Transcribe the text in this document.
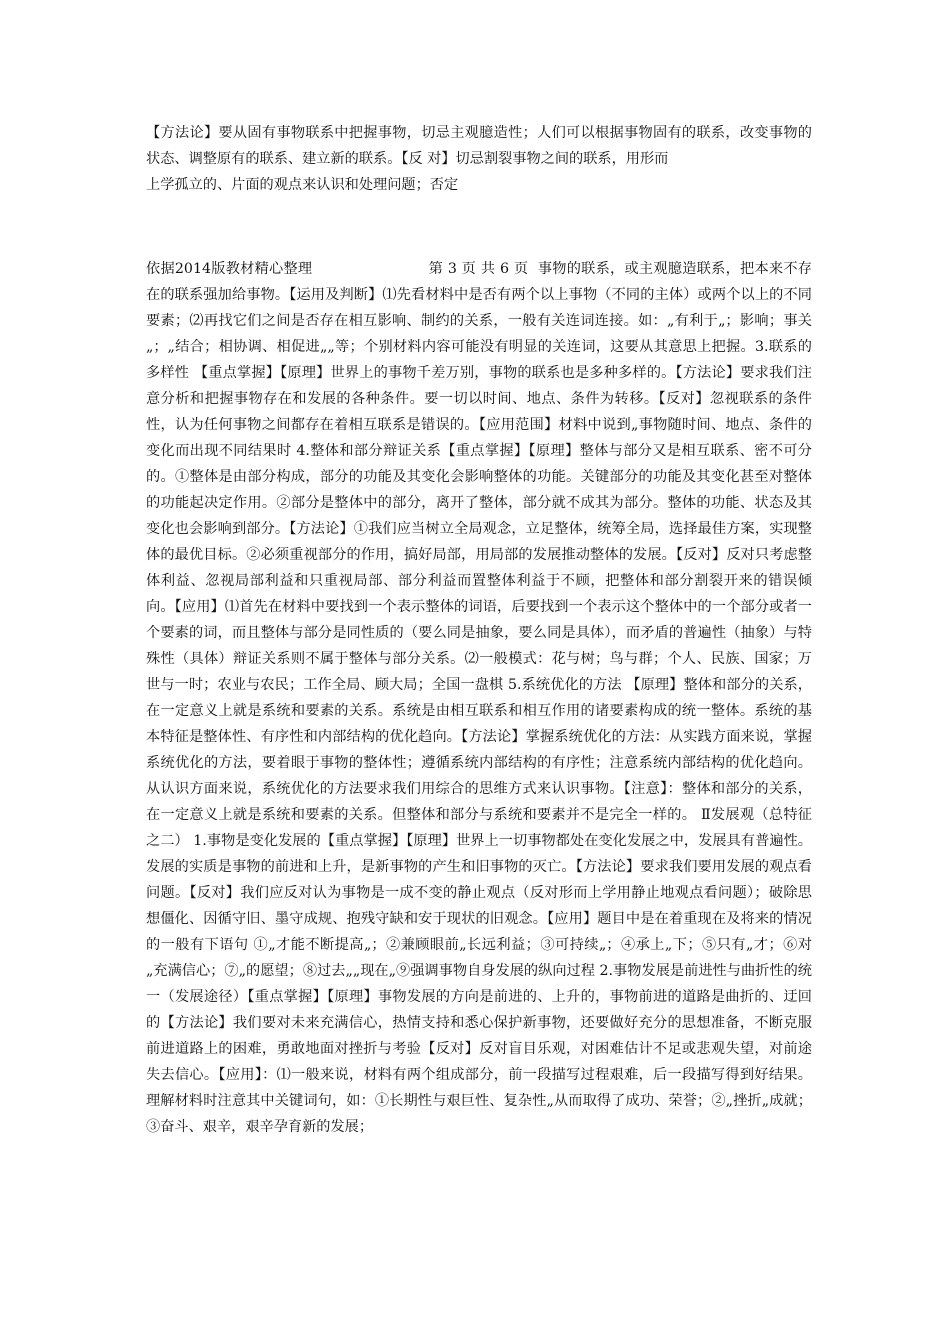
【方法论】要从固有事物联系中把握事物，切忌主观臆造性；人们可以根据事物固有的联系，改变事物的状态、调整原有的联系、建立新的联系。【反 对】切忌割裂事物之间的联系，用形而
上学孤立的、片面的观点来认识和处理问题；否定

依据2014版教材精心整理	第 3 页 共 6 页 事物的联系，或主观臆造联系，把本来不存在的联系强加给事物。【运用及判断】⑴先看材料中是否有两个以上事物（不同的主体）或两个以上的不同要素；⑵再找它们之间是否存在相互影响、制约的关系，一般有关连词连接。如：„有利于„；影响；事关„；„结合；相协调、相促进„„等；个别材料内容可能没有明显的关连词，这要从其意思上把握。3.联系的多样性 【重点掌握】【原理】世界上的事物千差万别，事物的联系也是多种多样的。【方法论】要求我们注意分析和把握事物存在和发展的各种条件。要一切以时间、地点、条件为转移。【反对】忽视联系的条件性，认为任何事物之间都存在着相互联系是错误的。【应用范围】材料中说到„事物随时间、地点、条件的变化而出现不同结果时 4.整体和部分辩证关系【重点掌握】【原理】整体与部分又是相互联系、密不可分的。①整体是由部分构成，部分的功能及其变化会影响整体的功能。关键部分的功能及其变化甚至对整体的功能起决定作用。②部分是整体中的部分，离开了整体，部分就不成其为部分。整体的功能、状态及其变化也会影响到部分。【方法论】①我们应当树立全局观念，立足整体，统筹全局，选择最佳方案，实现整体的最优目标。②必须重视部分的作用，搞好局部，用局部的发展推动整体的发展。【反对】反对只考虑整体利益、忽视局部利益和只重视局部、部分利益而置整体利益于不顾，把整体和部分割裂开来的错误倾向。【应用】⑴首先在材料中要找到一个表示整体的词语，后要找到一个表示这个整体中的一个部分或者一个要素的词，而且整体与部分是同性质的（要么同是抽象，要么同是具体），而矛盾的普遍性（抽象）与特殊性（具体）辩证关系则不属于整体与部分关系。⑵一般模式：花与树；鸟与群；个人、民族、国家；万世与一时；农业与农民；工作全局、顾大局；全国一盘棋 5.系统优化的方法 【原理】整体和部分的关系，在一定意义上就是系统和要素的关系。系统是由相互联系和相互作用的诸要素构成的统一整体。系统的基本特征是整体性、有序性和内部结构的优化趋向。【方法论】掌握系统优化的方法：从实践方面来说，掌握系统优化的方法，要着眼于事物的整体性；遵循系统内部结构的有序性；注意系统内部结构的优化趋向。从认识方面来说，系统优化的方法要求我们用综合的思维方式来认识事物。【注意】：整体和部分的关系，在一定意义上就是系统和要素的关系。但整体和部分与系统和要素并不是完全一样的。 Ⅱ发展观（总特征之二） 1.事物是变化发展的【重点掌握】【原理】世界上一切事物都处在变化发展之中，发展具有普遍性。发展的实质是事物的前进和上升，是新事物的产生和旧事物的灭亡。【方法论】要求我们要用发展的观点看问题。【反对】我们应反对认为事物是一成不变的静止观点（反对形而上学用静止地观点看问题）；破除思想僵化、因循守旧、墨守成规、抱残守缺和安于现状的旧观念。【应用】题目中是在着重现在及将来的情况的一般有下语句 ①„才能不断提高„；②兼顾眼前„长远利益；③可持续„；④承上„下；⑤只有„才；⑥对„充满信心；⑦„的愿望；⑧过去„„现在„⑨强调事物自身发展的纵向过程 2.事物发展是前进性与曲折性的统一（发展途径）【重点掌握】【原理】事物发展的方向是前进的、上升的，事物前进的道路是曲折的、迂回的【方法论】我们要对未来充满信心，热情支持和悉心保护新事物，还要做好充分的思想准备，不断克服前进道路上的困难，勇敢地面对挫折与考验【反对】反对盲目乐观，对困难估计不足或悲观失望，对前途失去信心。【应用】：⑴一般来说，材料有两个组成部分，前一段描写过程艰难，后一段描写得到好结果。 理解材料时注意其中关键词句，如：①长期性与艰巨性、复杂性„从而取得了成功、荣誉；②„挫折„成就；③奋斗、艰辛，艰辛孕育新的发展；
